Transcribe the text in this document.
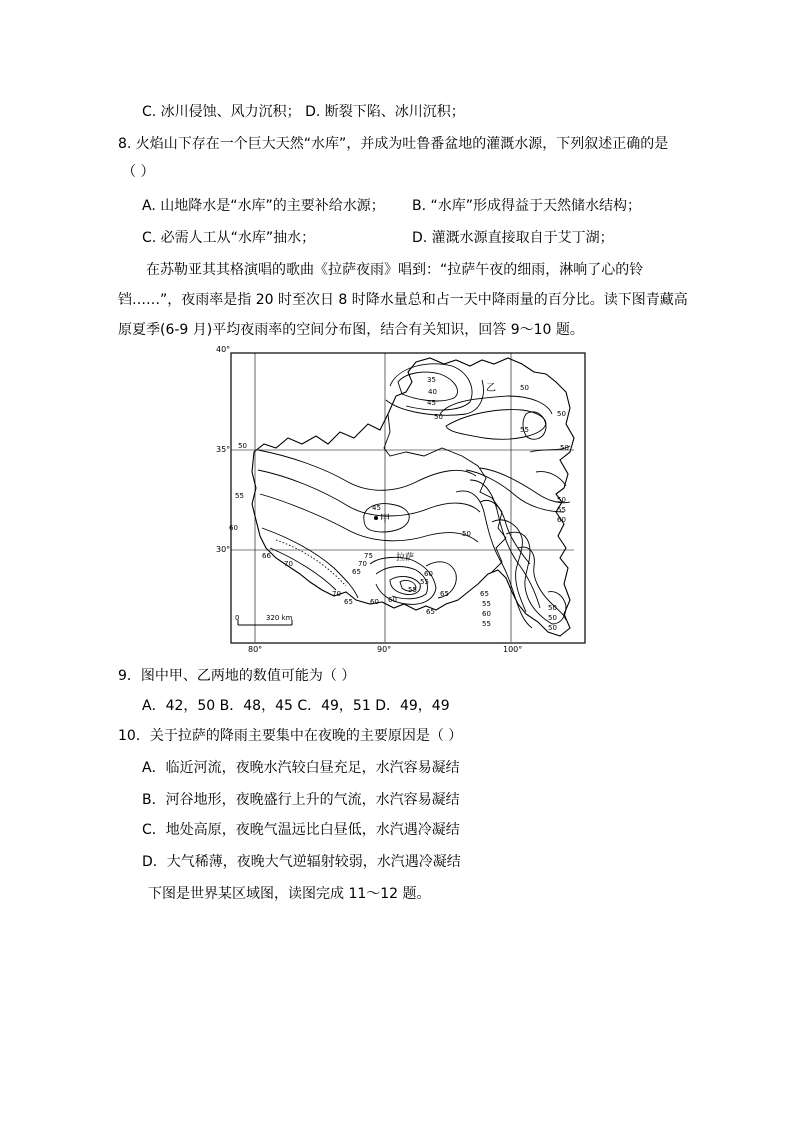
C. 冰川侵蚀、风力沉积； D. 断裂下陷、冰川沉积；
8. 火焰山下存在一个巨大天然“水库”，并成为吐鲁番盆地的灌溉水源，下列叙述正确的是
（ ）
A. 山地降水是“水库”的主要补给水源； B. “水库”形成得益于天然储水结构；
C. 必需人工从“水库”抽水；	D. 灌溉水源直接取自于艾丁湖；
在苏勒亚其其格演唱的歌曲《拉萨夜雨》唱到：“拉萨午夜的细雨，淋响了心的铃
铛……”，夜雨率是指 20 时至次日 8 时降水量总和占一天中降雨量的百分比。读下图青藏高
原夏季(6-9 月)平均夜雨率的空间分布图，结合有关知识，回答 9～10 题。
0	320 km
甲
乙
拉萨
35
40
45
50
50
55
50
50
50
55
60
55
60
45
66
70
70
65
75
70
65
60
65
60
55
55	65
60
65
55
50
60
55
50
50
50
50
40°
35°
30°
80°	90°	100°
9．图中甲、乙两地的数值可能为（ ）
A．42，50 B．48，45 C．49，51 D．49，49
10．关于拉萨的降雨主要集中在夜晚的主要原因是（ ）
A．临近河流，夜晚水汽较白昼充足，水汽容易凝结
B．河谷地形，夜晚盛行上升的气流，水汽容易凝结
C．地处高原，夜晚气温远比白昼低，水汽遇冷凝结
D．大气稀薄，夜晚大气逆辐射较弱，水汽遇冷凝结
下图是世界某区域图，读图完成 11～12 题。
